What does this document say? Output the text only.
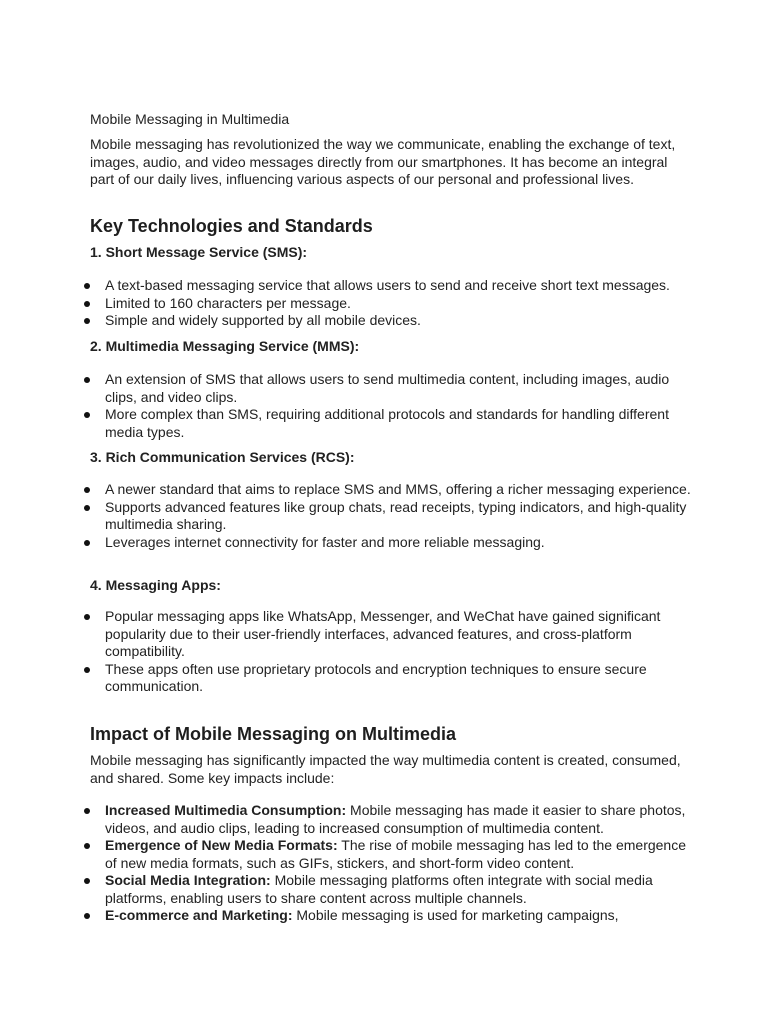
Mobile Messaging in Multimedia

Mobile messaging has revolutionized the way we communicate, enabling the exchange of text, images, audio, and video messages directly from our smartphones. It has become an integral part of our daily lives, influencing various aspects of our personal and professional lives.

Key Technologies and Standards

1. Short Message Service (SMS):

A text-based messaging service that allows users to send and receive short text messages.
Limited to 160 characters per message.
Simple and widely supported by all mobile devices.

2. Multimedia Messaging Service (MMS):

An extension of SMS that allows users to send multimedia content, including images, audio clips, and video clips.
More complex than SMS, requiring additional protocols and standards for handling different media types.

3. Rich Communication Services (RCS):

A newer standard that aims to replace SMS and MMS, offering a richer messaging experience.
Supports advanced features like group chats, read receipts, typing indicators, and high-quality multimedia sharing.
Leverages internet connectivity for faster and more reliable messaging.

4. Messaging Apps:

Popular messaging apps like WhatsApp, Messenger, and WeChat have gained significant popularity due to their user-friendly interfaces, advanced features, and cross-platform compatibility.
These apps often use proprietary protocols and encryption techniques to ensure secure communication.
Impact of Mobile Messaging on Multimedia

Mobile messaging has significantly impacted the way multimedia content is created, consumed, and shared. Some key impacts include:

Increased Multimedia Consumption: Mobile messaging has made it easier to share photos, videos, and audio clips, leading to increased consumption of multimedia content.
Emergence of New Media Formats: The rise of mobile messaging has led to the emergence of new media formats, such as GIFs, stickers, and short-form video content.
Social Media Integration: Mobile messaging platforms often integrate with social media platforms, enabling users to share content across multiple channels.
E-commerce and Marketing: Mobile messaging is used for marketing campaigns,
